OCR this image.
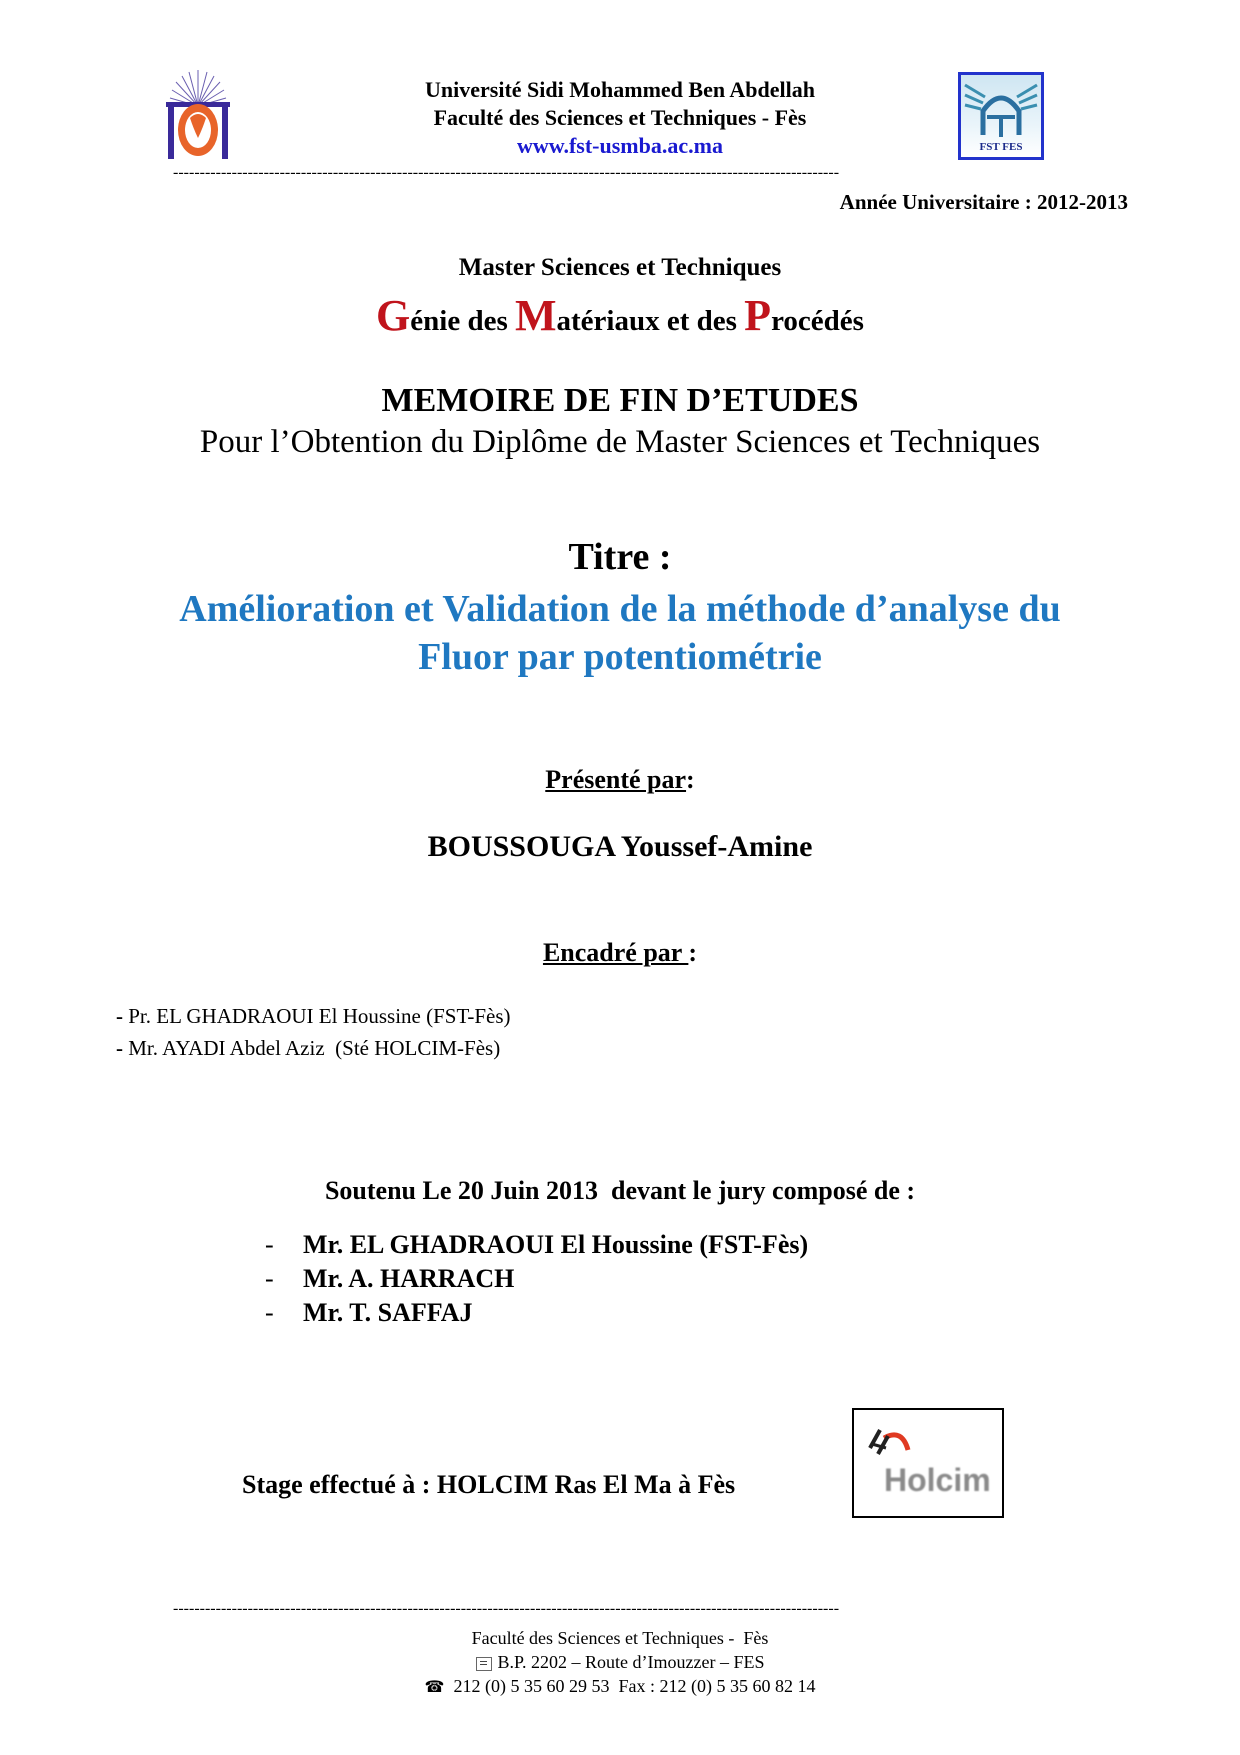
Université Sidi Mohammed Ben Abdellah
Faculté des Sciences et Techniques - Fès
www.fst-usmba.ac.ma	FST FES
-----------------------------------------------------------------------------------------------------------------------------
Année Universitaire : 2012-2013
Master Sciences et Techniques
Génie des Matériaux et des Procédés
MEMOIRE DE FIN D’ETUDES
Pour l’Obtention du Diplôme de Master Sciences et Techniques
Titre :
Amélioration et Validation de la méthode d’analyse du
Fluor par potentiométrie
Présenté par:
BOUSSOUGA Youssef-Amine
Encadré par :
- Pr. EL GHADRAOUI El Houssine (FST-Fès)
- Mr. AYADI Abdel Aziz  (Sté HOLCIM-Fès)
Soutenu Le 20 Juin 2013  devant le jury composé de :
- Mr. EL GHADRAOUI El Houssine (FST-Fès)
- Mr. A. HARRACH
- Mr. T. SAFFAJ
Stage effectué à : HOLCIM Ras El Ma à Fès	Holcim
-----------------------------------------------------------------------------------------------------------------------------
Faculté des Sciences et Techniques -  Fès
B.P. 2202 – Route d’Imouzzer – FES
☎ 212 (0) 5 35 60 29 53  Fax : 212 (0) 5 35 60 82 14
